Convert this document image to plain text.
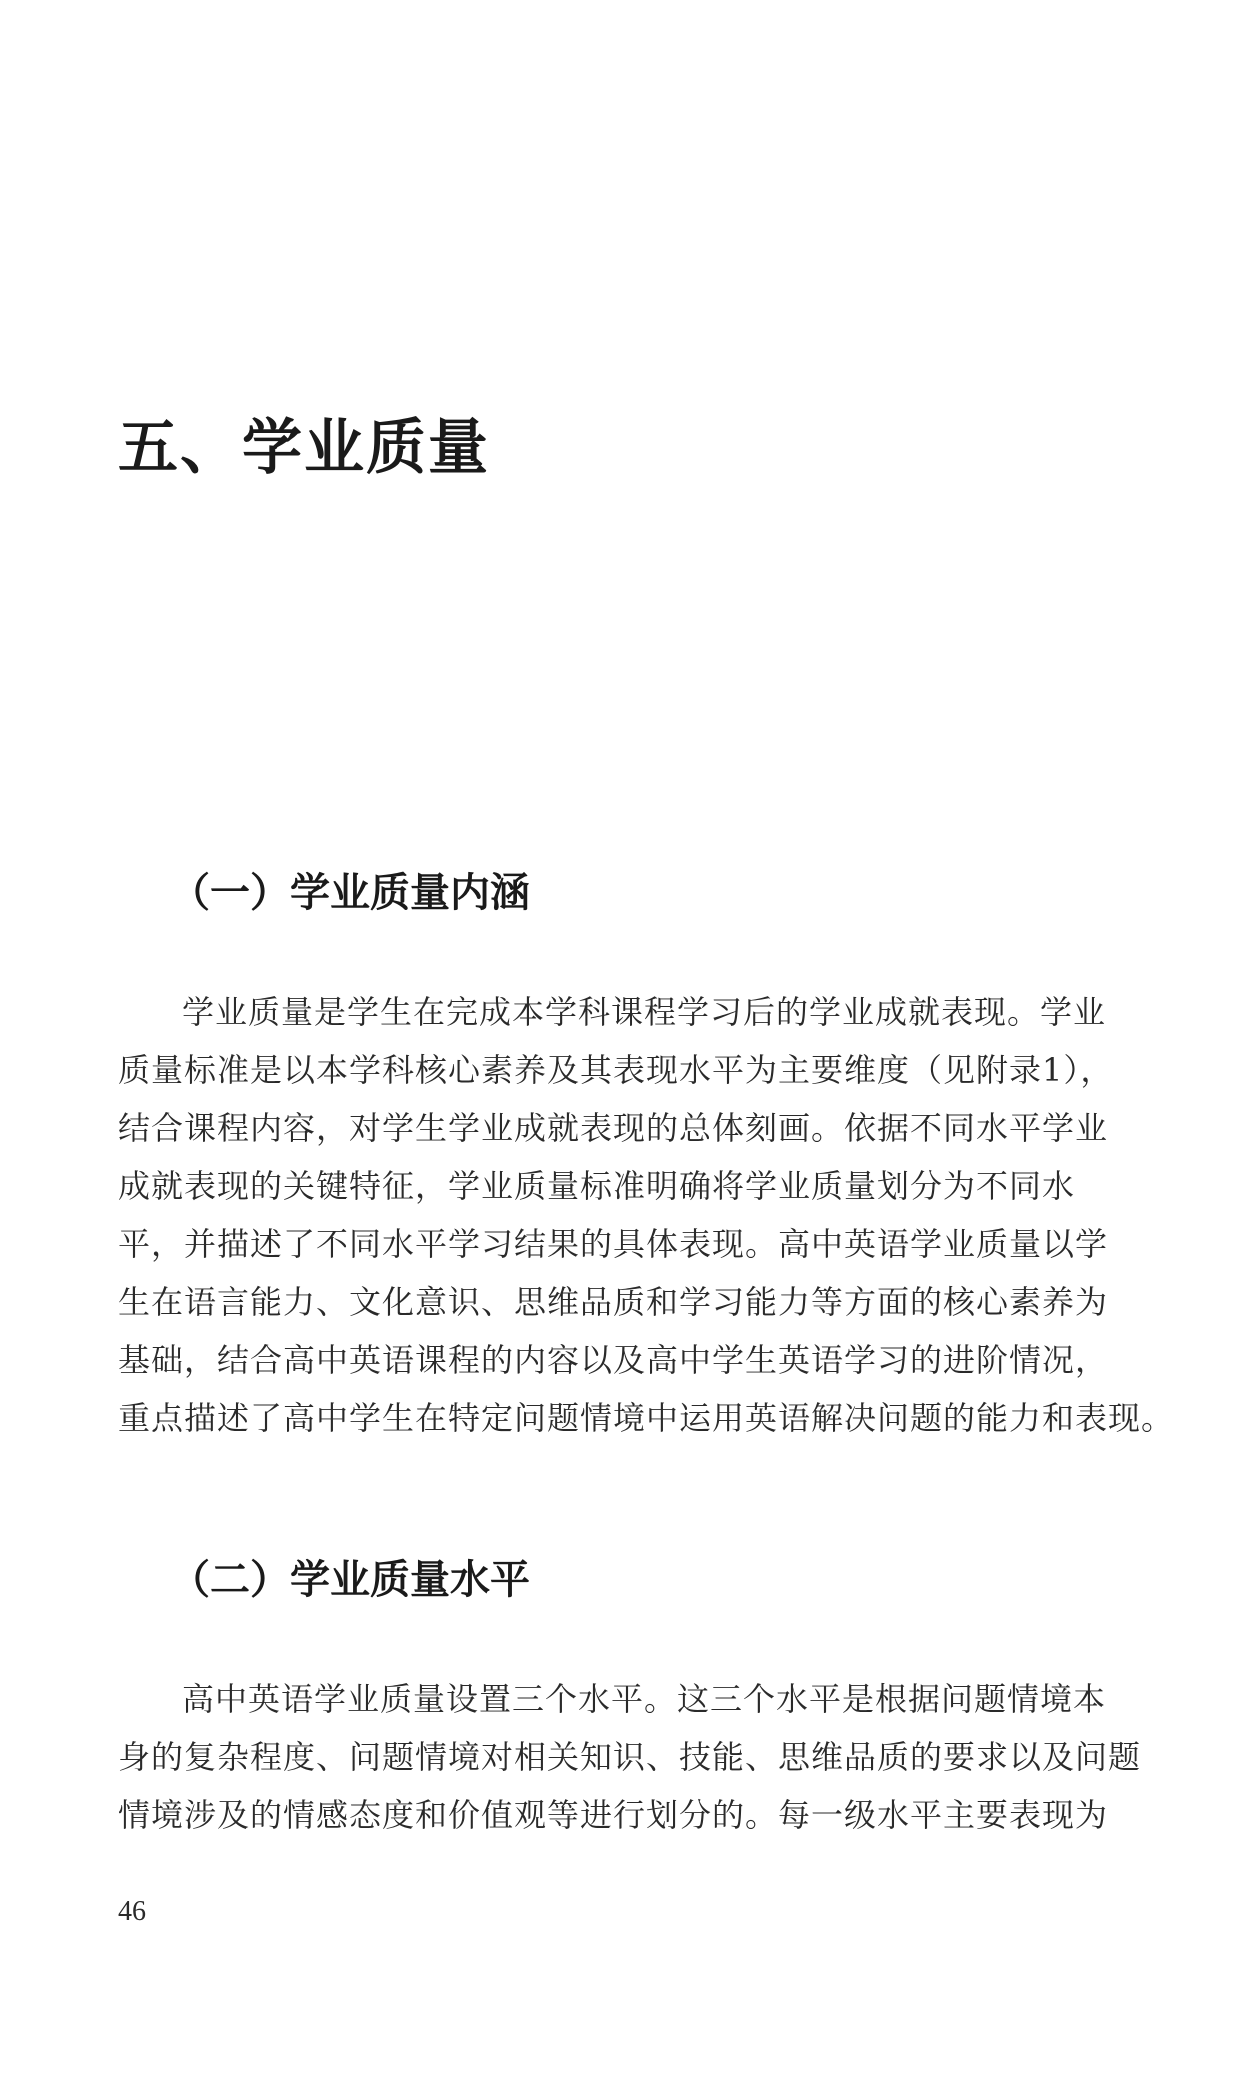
五、学业质量
（一）学业质量内涵
学业质量是学生在完成本学科课程学习后的学业成就表现。学业
质量标准是以本学科核心素养及其表现水平为主要维度（见附录1），
结合课程内容，对学生学业成就表现的总体刻画。依据不同水平学业
成就表现的关键特征，学业质量标准明确将学业质量划分为不同水
平，并描述了不同水平学习结果的具体表现。高中英语学业质量以学
生在语言能力、文化意识、思维品质和学习能力等方面的核心素养为
基础，结合高中英语课程的内容以及高中学生英语学习的进阶情况，
重点描述了高中学生在特定问题情境中运用英语解决问题的能力和表现。
（二）学业质量水平
高中英语学业质量设置三个水平。这三个水平是根据问题情境本
身的复杂程度、问题情境对相关知识、技能、思维品质的要求以及问题
情境涉及的情感态度和价值观等进行划分的。每一级水平主要表现为

46
